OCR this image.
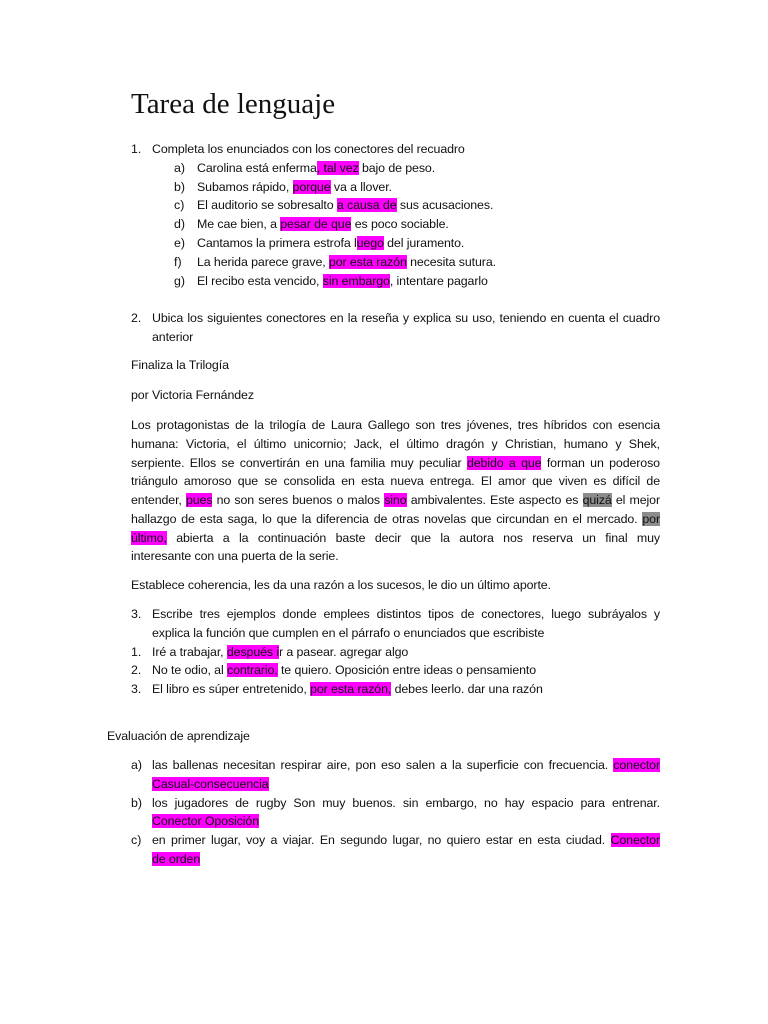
Tarea de lenguaje
1. Completa los enunciados con los conectores del recuadro
a) Carolina está enferma, tal vez bajo de peso.
b) Subamos rápido, porque va a llover.
c) El auditorio se sobresalto a causa de sus acusaciones.
d) Me cae bien, a pesar de que es poco sociable.
e) Cantamos la primera estrofa luego del juramento.
f) La herida parece grave, por esta razón necesita sutura.
g) El recibo esta vencido, sin embargo, intentare pagarlo
2. Ubica los siguientes conectores en la reseña y explica su uso, teniendo en cuenta el cuadro
anterior
Finaliza la Trilogía
por Victoria Fernández
Los protagonistas de la trilogía de Laura Gallego son tres jóvenes, tres híbridos con esencia
humana: Victoria, el último unicornio; Jack, el último dragón y Christian, humano y Shek,
serpiente. Ellos se convertirán en una familia muy peculiar debido a que forman un poderoso
triángulo amoroso que se consolida en esta nueva entrega. El amor que viven es difícil de
entender, pues no son seres buenos o malos sino ambivalentes. Este aspecto es quizá el mejor
hallazgo de esta saga, lo que la diferencia de otras novelas que circundan en el mercado. por
último, abierta a la continuación baste decir que la autora nos reserva un final muy
interesante con una puerta de la serie.
Establece coherencia, les da una razón a los sucesos, le dio un último aporte.
3. Escribe tres ejemplos donde emplees distintos tipos de conectores, luego subráyalos y
explica la función que cumplen en el párrafo o enunciados que escribiste
1. Iré a trabajar, después ir a pasear. agregar algo
2. No te odio, al contrario, te quiero. Oposición entre ideas o pensamiento
3. El libro es súper entretenido, por esta razón, debes leerlo. dar una razón
Evaluación de aprendizaje
a) las ballenas necesitan respirar aire, pon eso salen a la superficie con frecuencia. conector
Casual-consecuencia
b) los jugadores de rugby Son muy buenos. sin embargo, no hay espacio para entrenar.
Conector Oposición
c) en primer lugar, voy a viajar. En segundo lugar, no quiero estar en esta ciudad. Conector
de orden
